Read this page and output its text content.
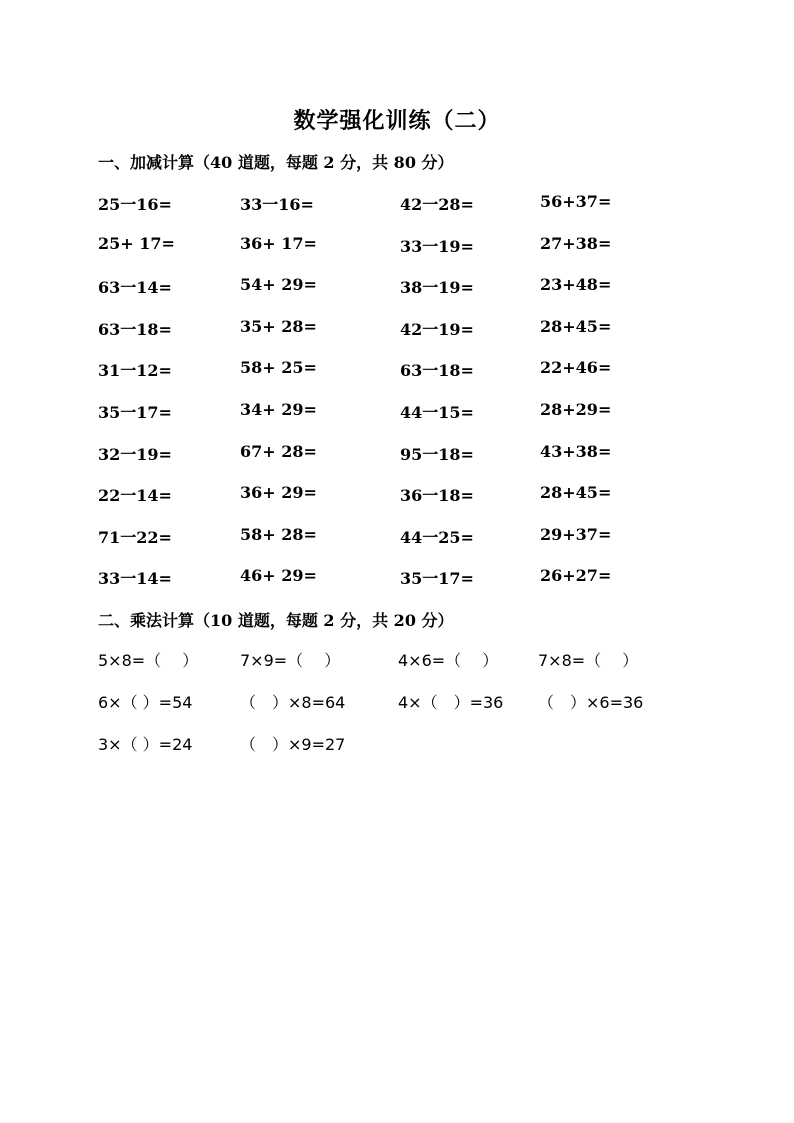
数学强化训练（二）
一、加减计算（40 道题，每题 2 分，共 80 分）
25一16=	33一16=	42一28=	56+37=
25+ 17=	36+ 17=	33一19=	27+38=
63一14=	54+ 29=	38一19=	23+48=
63一18=	35+ 28=	42一19=	28+45=
31一12=	58+ 25=	63一18=	22+46=
35一17=	34+ 29=	44一15=	28+29=
32一19=	67+ 28=	95一18=	43+38=
22一14=	36+ 29=	36一18=	28+45=
71一22=	58+ 28=	44一25=	29+37=
33一14=	46+ 29=	35一17=	26+27=
二、乘法计算（10 道题，每题 2 分，共 20 分）
5×8=（　 ）	7×9=（　 ）	4×6=（　 ） 7×8=（　 ）
6×（ ）=54	（　）×8=64	4×（　）=36 （　）×6=36
3×（ ）=24	（　）×9=27
